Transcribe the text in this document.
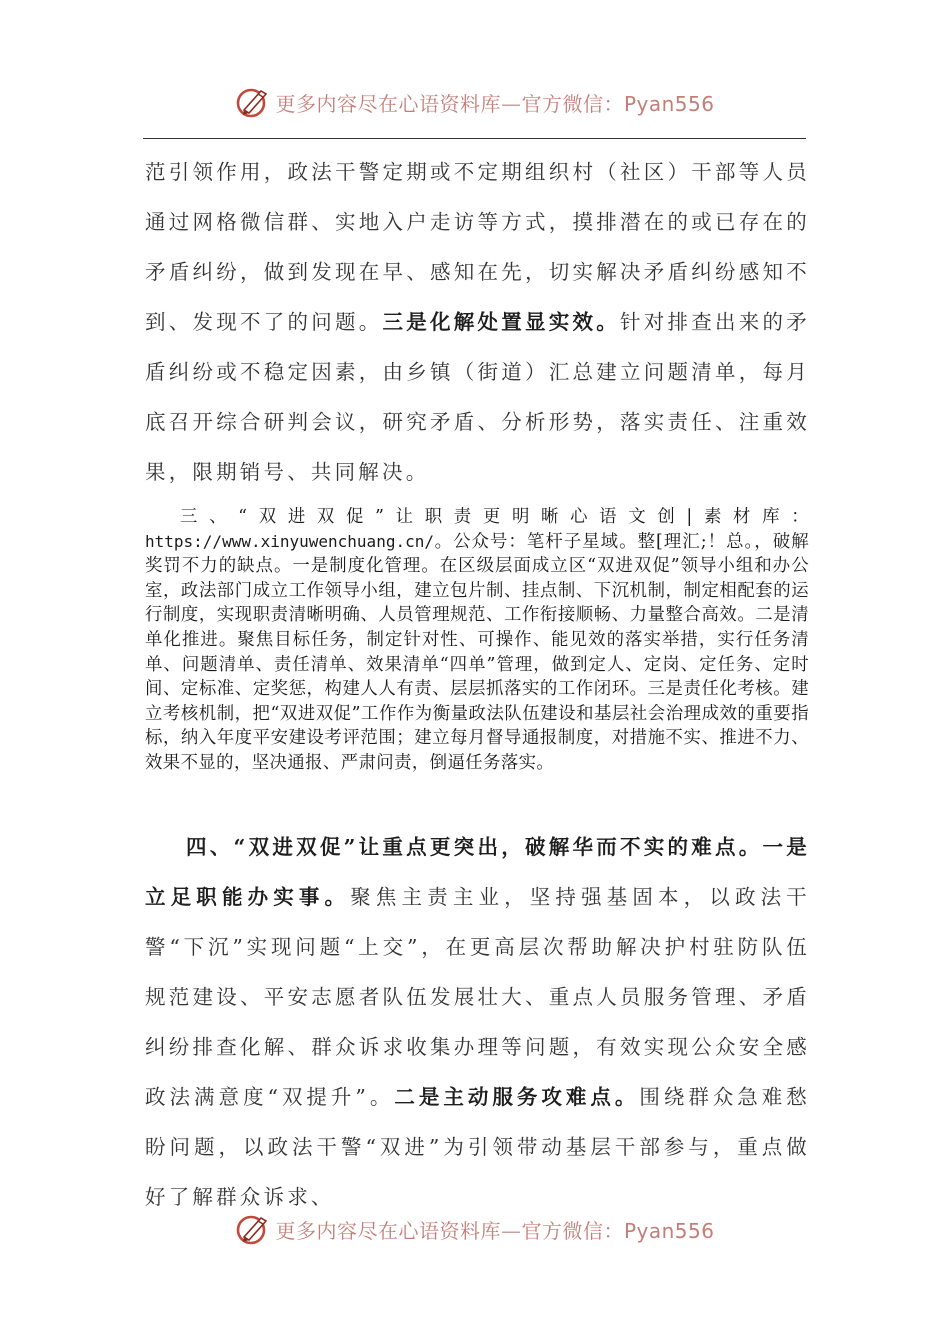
更多内容尽在心语资料库—官方微信：Pyan556

范引领作用，政法干警定期或不定期组织村（社区）干部等人员通过网格微信群、实地入户走访等方式，摸排潜在的或已存在的矛盾纠纷，做到发现在早、感知在先，切实解决矛盾纠纷感知不到、发现不了的问题。三是化解处置显实效。针对排查出来的矛盾纠纷或不稳定因素，由乡镇（街道）汇总建立问题清单，每月底召开综合研判会议，研究矛盾、分析形势，落实责任、注重效果，限期销号、共同解决。

三、“双进双促”让职责更明晰心语文创|素材库：https://www.xinyuwenchuang.cn/。公众号：笔杆子星域。整[理汇;！总。，破解奖罚不力的缺点。一是制度化管理。在区级层面成立区“双进双促”领导小组和办公室，政法部门成立工作领导小组，建立包片制、挂点制、下沉机制，制定相配套的运行制度，实现职责清晰明确、人员管理规范、工作衔接顺畅、力量整合高效。二是清单化推进。聚焦目标任务，制定针对性、可操作、能见效的落实举措，实行任务清单、问题清单、责任清单、效果清单“四单”管理，做到定人、定岗、定任务、定时间、定标准、定奖惩，构建人人有责、层层抓落实的工作闭环。三是责任化考核。建立考核机制，把“双进双促”工作作为衡量政法队伍建设和基层社会治理成效的重要指标，纳入年度平安建设考评范围；建立每月督导通报制度，对措施不实、推进不力、效果不显的，坚决通报、严肃问责，倒逼任务落实。

四、“双进双促”让重点更突出，破解华而不实的难点。一是立足职能办实事。聚焦主责主业，坚持强基固本，以政法干警“下沉”实现问题“上交”，在更高层次帮助解决护村驻防队伍规范建设、平安志愿者队伍发展壮大、重点人员服务管理、矛盾纠纷排查化解、群众诉求收集办理等问题，有效实现公众安全感政法满意度“双提升”。二是主动服务攻难点。围绕群众急难愁盼问题，以政法干警“双进”为引领带动基层干部参与，重点做好了解群众诉求、

更多内容尽在心语资料库—官方微信：Pyan556
